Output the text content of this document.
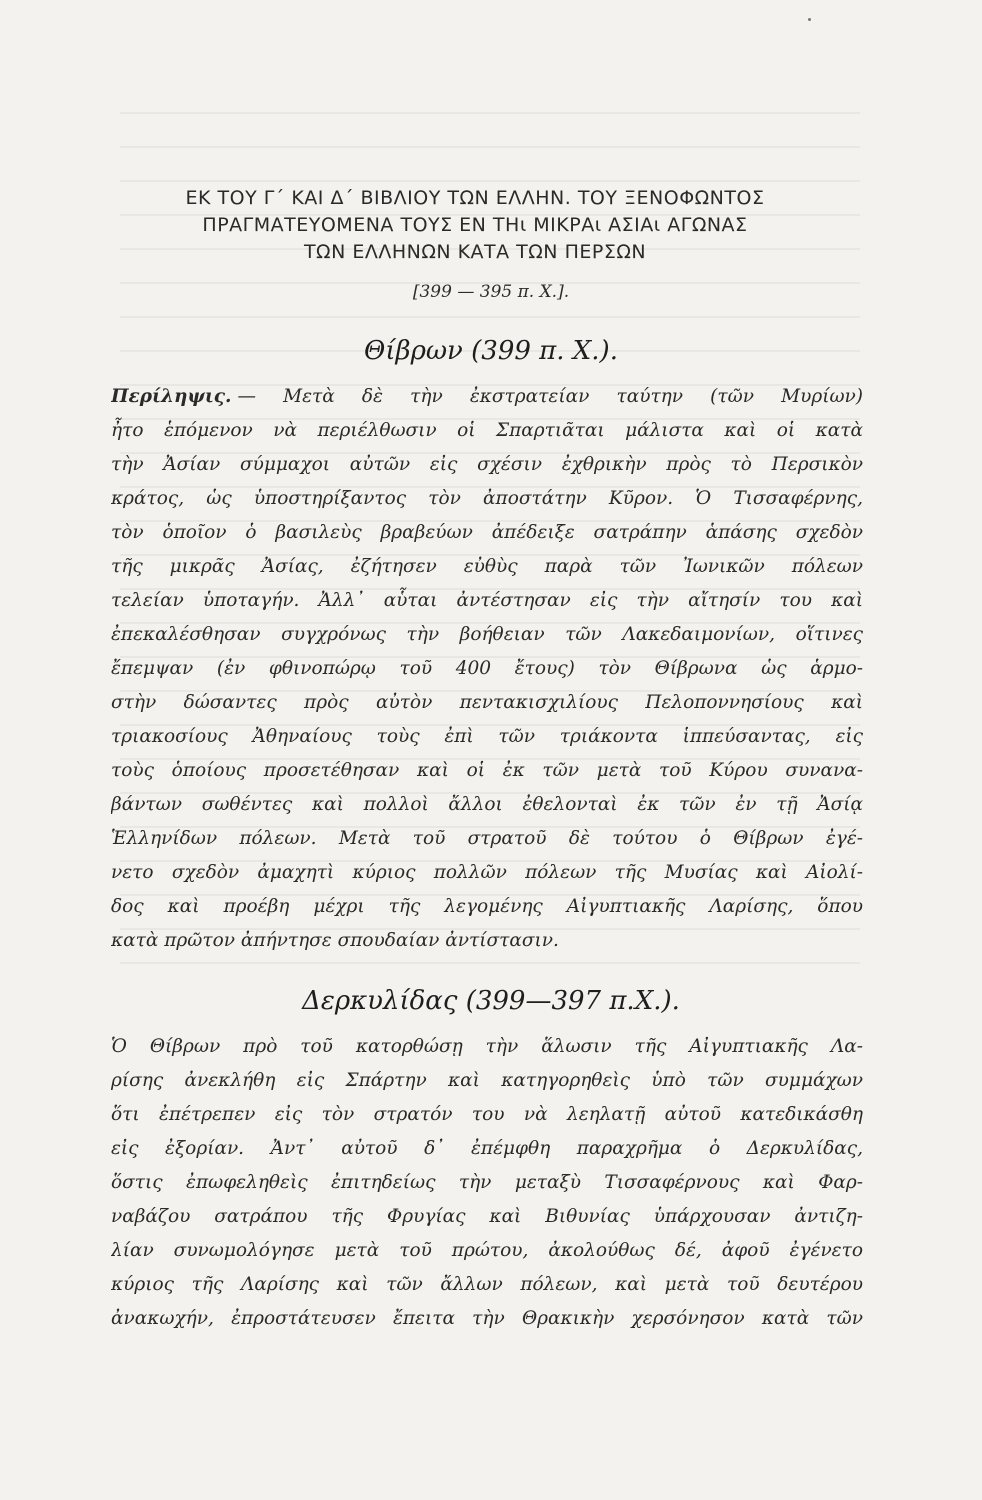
ΕΚ ΤΟΥ Γ΄ ΚΑΙ Δ΄ ΒΙΒΛΙΟΥ ΤΩΝ ΕΛΛΗΝ. ΤΟΥ ΞΕΝΟΦΩΝΤΟΣ
ΠΡΑΓΜΑΤΕΥΟΜΕΝΑ ΤΟΥΣ ΕΝ ΤΗι ΜΙΚΡΑι ΑΣΙΑι ΑΓΩΝΑΣ
ΤΩΝ ΕΛΛΗΝΩΝ ΚΑΤΑ ΤΩΝ ΠΕΡΣΩΝ
[399 — 395 π. Χ.].
Θίβρων (399 π. Χ.).
Περίληψις. — Μετὰ δὲ τὴν ἐκστρατείαν ταύτην (τῶν Μυρίων)
ἦτο ἑπόμενον νὰ περιέλθωσιν οἱ Σπαρτιᾶται μάλιστα καὶ οἱ κατὰ
τὴν Ἀσίαν σύμμαχοι αὐτῶν εἰς σχέσιν ἐχθρικὴν πρὸς τὸ Περσικὸν
κράτος, ὡς ὑποστηρίξαντος τὸν ἀποστάτην Κῦρον. Ὁ Τισσαφέρνης,
τὸν ὁποῖον ὁ βασιλεὺς βραβεύων ἀπέδειξε σατράπην ἁπάσης σχεδὸν
τῆς μικρᾶς Ἀσίας, ἐζήτησεν εὐθὺς παρὰ τῶν Ἰωνικῶν πόλεων
τελείαν ὑποταγήν. Ἀλλ᾽ αὗται ἀντέστησαν εἰς τὴν αἴτησίν του καὶ
ἐπεκαλέσθησαν συγχρόνως τὴν βοήθειαν τῶν Λακεδαιμονίων, οἵτινες
ἔπεμψαν (ἐν φθινοπώρῳ τοῦ 400 ἔτους) τὸν Θίβρωνα ὡς ἁρμο-
στὴν δώσαντες πρὸς αὐτὸν πεντακισχιλίους Πελοποννησίους καὶ
τριακοσίους Ἀθηναίους τοὺς ἐπὶ τῶν τριάκοντα ἱππεύσαντας, εἰς
τοὺς ὁποίους προσετέθησαν καὶ οἱ ἐκ τῶν μετὰ τοῦ Κύρου συνανα-
βάντων σωθέντες καὶ πολλοὶ ἄλλοι ἐθελονταὶ ἐκ τῶν ἐν τῇ Ἀσίᾳ
Ἑλληνίδων πόλεων. Μετὰ τοῦ στρατοῦ δὲ τούτου ὁ Θίβρων ἐγέ-
νετο σχεδὸν ἀμαχητὶ κύριος πολλῶν πόλεων τῆς Μυσίας καὶ Αἰολί-
δος καὶ προέβη μέχρι τῆς λεγομένης Αἰγυπτιακῆς Λαρίσης, ὅπου
κατὰ πρῶτον ἀπήντησε σπουδαίαν ἀντίστασιν.
Δερκυλίδας (399—397 π.Χ.).
Ὁ Θίβρων πρὸ τοῦ κατορθώσῃ τὴν ἅλωσιν τῆς Αἰγυπτιακῆς Λα-
ρίσης ἀνεκλήθη εἰς Σπάρτην καὶ κατηγορηθεὶς ὑπὸ τῶν συμμάχων
ὅτι ἐπέτρεπεν εἰς τὸν στρατόν του νὰ λεηλατῇ αὐτοῦ κατεδικάσθη
εἰς ἐξορίαν. Ἀντ᾽ αὐτοῦ δ᾽ ἐπέμφθη παραχρῆμα ὁ Δερκυλίδας,
ὅστις ἐπωφεληθεὶς ἐπιτηδείως τὴν μεταξὺ Τισσαφέρνους καὶ Φαρ-
ναβάζου σατράπου τῆς Φρυγίας καὶ Βιθυνίας ὑπάρχουσαν ἀντιζη-
λίαν συνωμολόγησε μετὰ τοῦ πρώτου, ἀκολούθως δέ, ἀφοῦ ἐγένετο
κύριος τῆς Λαρίσης καὶ τῶν ἄλλων πόλεων, καὶ μετὰ τοῦ δευτέρου
ἀνακωχήν, ἐπροστάτευσεν ἔπειτα τὴν Θρακικὴν χερσόνησον κατὰ τῶν
